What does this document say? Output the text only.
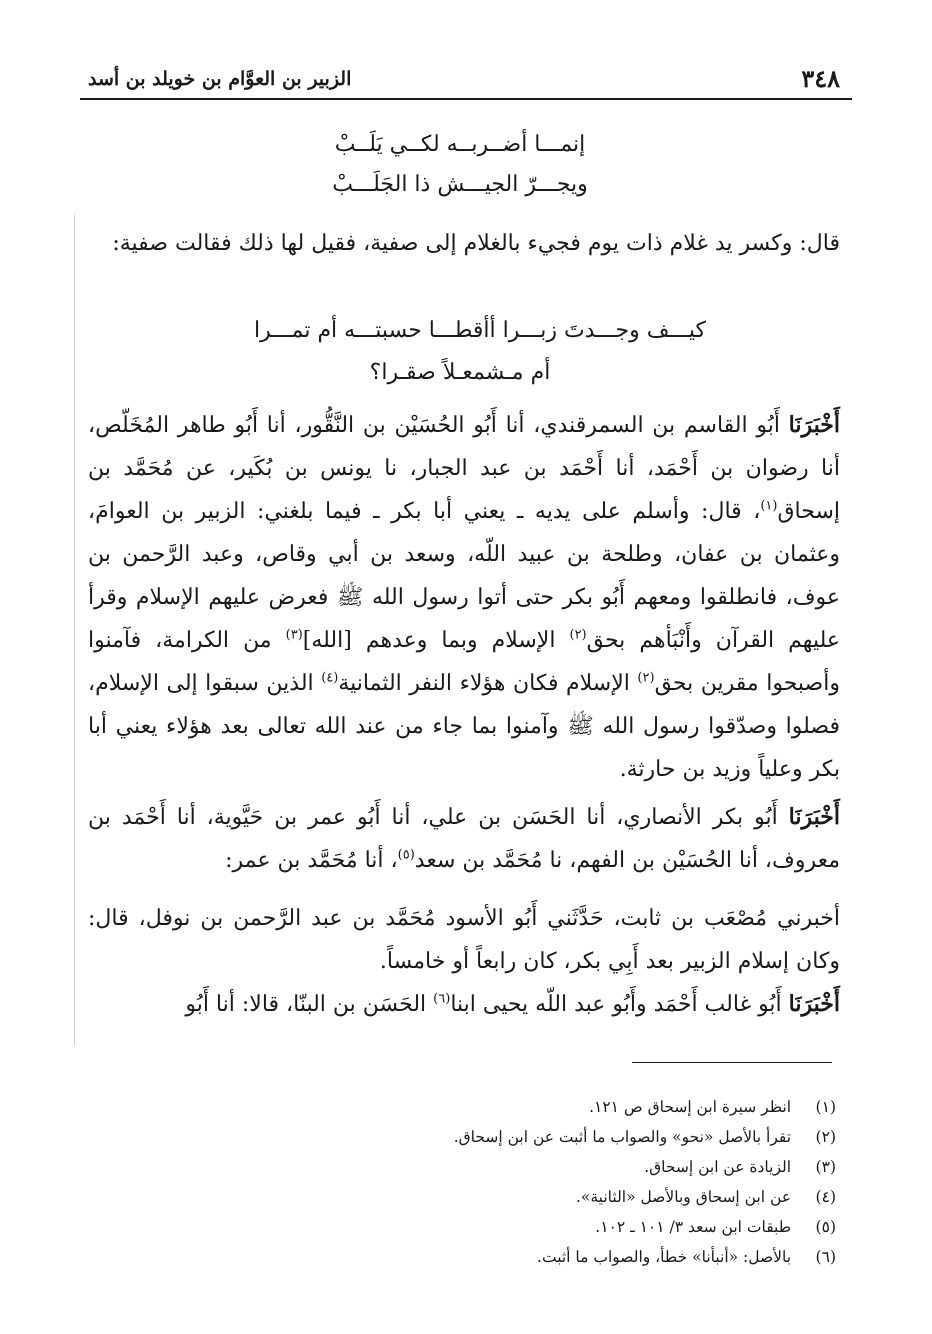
٣٤٨
الزبير بن العوَّام بن خويلد بن أسد
إنمـــا أضــربــه لكــي يَلَــبْ
ويجـــرّ الجيـــش ذا الجَلَـــبْ
قال: وكسر يد غلام ذات يوم فجيء بالغلام إلى صفية، فقيل لها ذلك فقالت صفية:
كيـــف وجـــدتَ زبـــرا أأقطـــا حسبتـــه أم تمـــرا
أم مـشمعـلاً صقـرا؟
أَخْبَرَنَا أَبُو القاسم بن السمرقندي، أنا أَبُو الحُسَيْن بن النَّقُّور، أنا أَبُو طاهر المُخَلّص، أنا رضوان بن أَحْمَد، أنا أَحْمَد بن عبد الجبار، نا يونس بن بُكَير، عن مُحَمَّد بن إسحاق$^{(١)}$، قال: وأسلم على يديه ـ يعني أبا بكر ـ فيما بلغني: الزبير بن العوامَ، وعثمان بن عفان، وطلحة بن عبيد اللّه، وسعد بن أبي وقاص، وعبد الرَّحمن بن عوف، فانطلقوا ومعهم أَبُو بكر حتى أتوا رسول الله ﷺ فعرض عليهم الإسلام وقرأ عليهم القرآن وأَنْبَأهم بحق$^{(٢)}$ الإسلام وبما وعدهم [الله]$^{(٣)}$ من الكرامة، فآمنوا وأصبحوا مقرين بحق$^{(٢)}$ الإسلام فكان هؤلاء النفر الثمانية$^{(٤)}$ الذين سبقوا إلى الإسلام، فصلوا وصدّقوا رسول الله ﷺ وآمنوا بما جاء من عند الله تعالى بعد هؤلاء يعني أبا بكر وعلياً وزيد بن حارثة.
أَخْبَرَنَا أَبُو بكر الأنصاري، أنا الحَسَن بن علي، أنا أَبُو عمر بن حَيَّوية، أنا أَحْمَد بن معروف، أنا الحُسَيْن بن الفهم، نا مُحَمَّد بن سعد$^{(٥)}$، أنا مُحَمَّد بن عمر:
أخبرني مُصْعَب بن ثابت، حَدَّثَني أَبُو الأسود مُحَمَّد بن عبد الرَّحمن بن نوفل، قال: وكان إسلام الزبير بعد أَبِي بكر، كان رابعاً أو خامساً.
أَخْبَرَنَا أَبُو غالب أَحْمَد وأَبُو عبد اللّه يحيى ابنا$^{(٦)}$ الحَسَن بن البنّا، قالا: أنا أَبُو
(١) انظر سيرة ابن إسحاق ص ١٢١.
(٢) تقرأ بالأصل «نحو» والصواب ما أثبت عن ابن إسحاق.
(٣) الزيادة عن ابن إسحاق.
(٤) عن ابن إسحاق وبالأصل «الثانية».
(٥) طبقات ابن سعد ٣/ ١٠١ ـ ١٠٢.
(٦) بالأصل: «أنبأنا» خطأ، والصواب ما أثبت.
